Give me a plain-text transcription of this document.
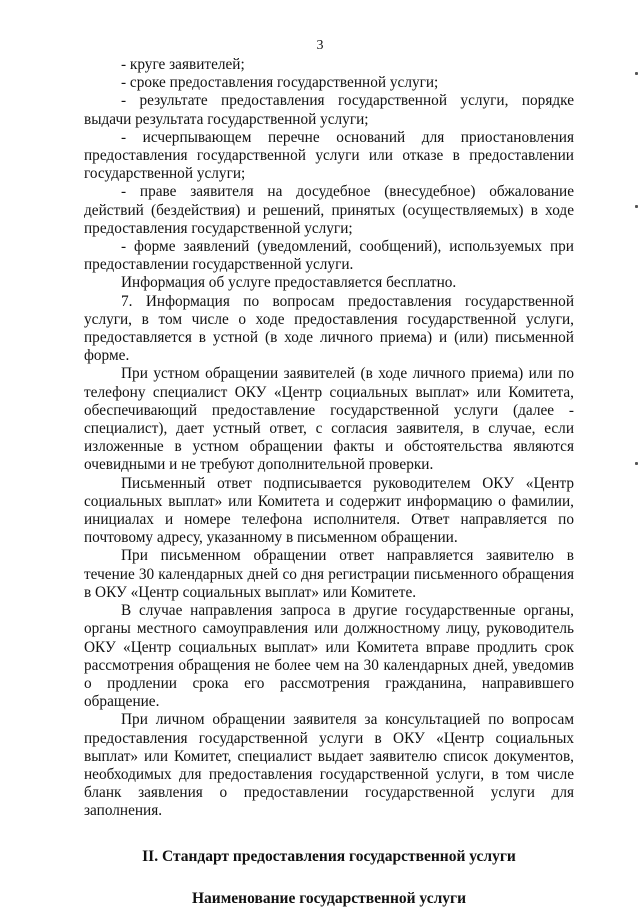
3

- круге заявителей;

- сроке предоставления государственной услуги;

- результате предоставления государственной услуги, порядке выдачи результата государственной услуги;

- исчерпывающем перечне оснований для приостановления предоставления государственной услуги или отказе в предоставлении государственной услуги;

- праве заявителя на досудебное (внесудебное) обжалование действий (бездействия) и решений, принятых (осуществляемых) в ходе предоставления государственной услуги;

- форме заявлений (уведомлений, сообщений), используемых при предоставлении государственной услуги.

Информация об услуге предоставляется бесплатно.

7. Информация по вопросам предоставления государственной услуги, в том числе о ходе предоставления государственной услуги, предоставляется в устной (в ходе личного приема) и (или) письменной форме.

При устном обращении заявителей (в ходе личного приема) или по телефону специалист ОКУ «Центр социальных выплат» или Комитета, обеспечивающий предоставление государственной услуги (далее - специалист), дает устный ответ, с согласия заявителя, в случае, если изложенные в устном обращении факты и обстоятельства являются очевидными и не требуют дополнительной проверки.

Письменный ответ подписывается руководителем ОКУ «Центр социальных выплат» или Комитета и содержит информацию о фамилии, инициалах и номере телефона исполнителя. Ответ направляется по почтовому адресу, указанному в письменном обращении.

При письменном обращении ответ направляется заявителю в течение 30 календарных дней со дня регистрации письменного обращения в ОКУ «Центр социальных выплат» или Комитете.

В случае направления запроса в другие государственные органы, органы местного самоуправления или должностному лицу, руководитель ОКУ «Центр социальных выплат» или Комитета вправе продлить срок рассмотрения обращения не более чем на 30 календарных дней, уведомив о продлении срока его рассмотрения гражданина, направившего обращение.

При личном обращении заявителя за консультацией по вопросам предоставления государственной услуги в ОКУ «Центр социальных выплат» или Комитет, специалист выдает заявителю список документов, необходимых для предоставления государственной услуги, в том числе бланк заявления о предоставлении государственной услуги для заполнения.

II. Стандарт предоставления государственной услуги

Наименование государственной услуги
